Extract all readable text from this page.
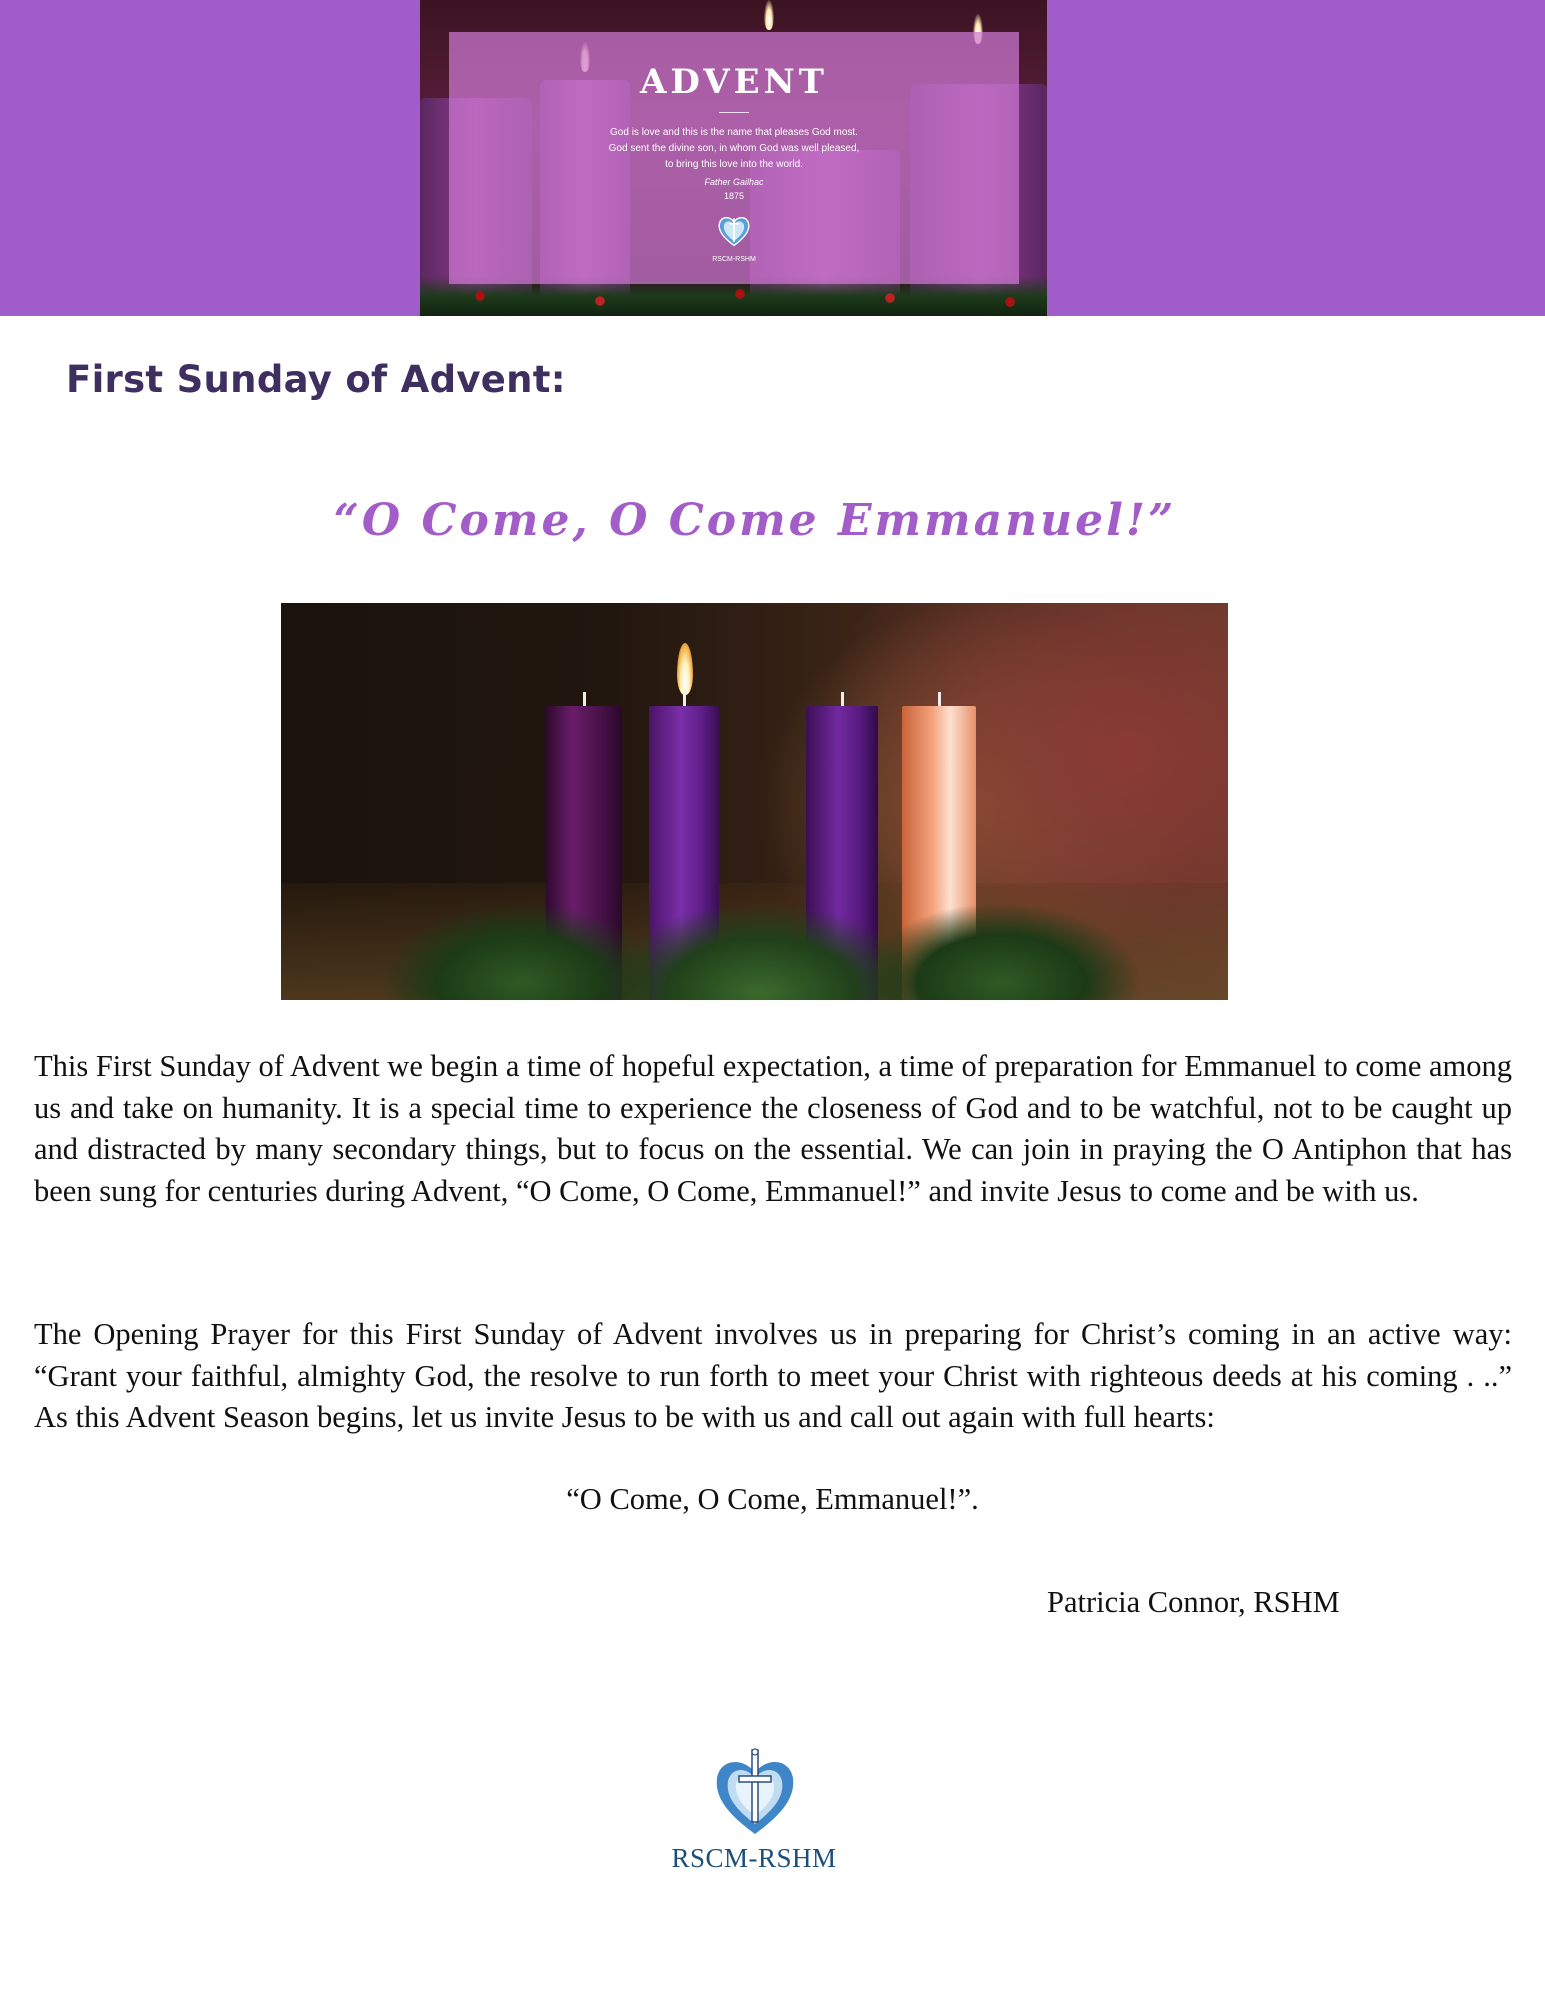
ADVENT
God is love and this is the name that pleases God most.
God sent the divine son, in whom God was well pleased,
to bring this love into the world.
Father Gailhac
1875
RSCM-RSHM
First Sunday of Advent:
“O Come, O Come Emmanuel!”
This First Sunday of Advent we begin a time of hopeful expectation, a time of preparation for Emmanuel to come among us and take on humanity. It is a special time to experience the closeness of God and to be watchful, not to be caught up and distracted by many secondary things, but to focus on the essential. We can join in praying the O Antiphon that has been sung for centuries during Advent, “O Come, O Come, Emmanuel!” and invite Jesus to come and be with us.
The Opening Prayer for this First Sunday of Advent involves us in preparing for Christ’s coming in an active way: “Grant your faithful, almighty God, the resolve to run forth to meet your Christ with righteous deeds at his coming . ..” As this Advent Season begins, let us invite Jesus to be with us and call out again with full hearts:
“O Come, O Come, Emmanuel!”.
Patricia Connor, RSHM
RSCM-RSHM
